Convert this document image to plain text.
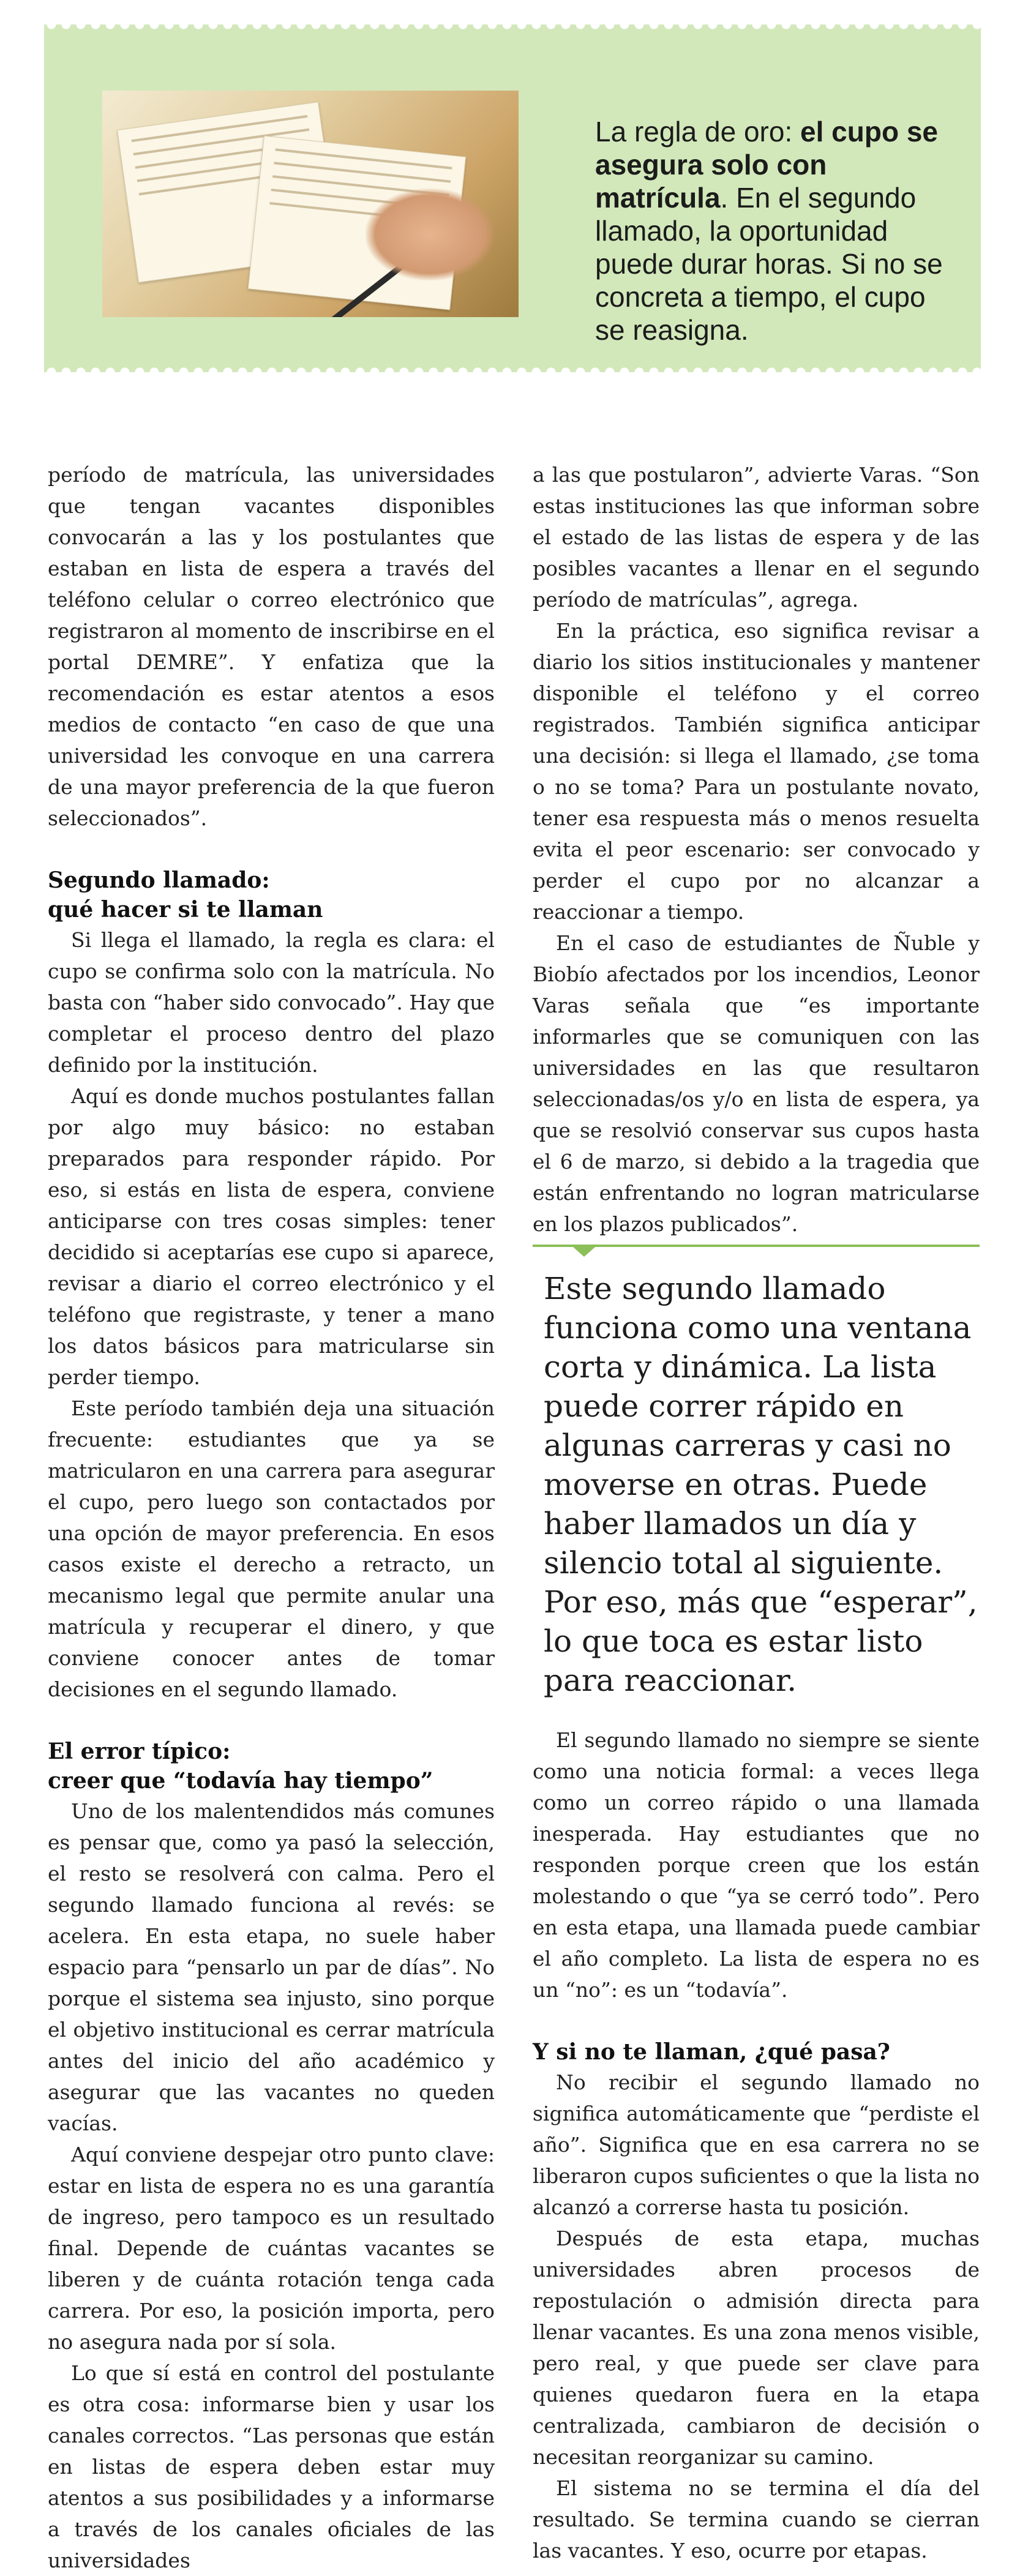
La regla de oro: el cupo se asegura solo con matrícula. En el segundo llamado, la oportunidad puede durar horas. Si no se concreta a tiempo, el cupo se reasigna.

período de matrícula, las universidades que tengan vacantes disponibles convocarán a las y los postulantes que estaban en lista de espera a través del teléfono celular o correo electrónico que registraron al momento de inscribirse en el portal DEMRE”. Y enfatiza que la recomendación es estar atentos a esos medios de contacto “en caso de que una universidad les convoque en una carrera de una mayor preferencia de la que fueron seleccionados”.

Segundo llamado:
qué hacer si te llaman

Si llega el llamado, la regla es clara: el cupo se confirma solo con la matrícula. No basta con “haber sido convocado”. Hay que completar el proceso dentro del plazo definido por la institución.

Aquí es donde muchos postulantes fallan por algo muy básico: no estaban preparados para responder rápido. Por eso, si estás en lista de espera, conviene anticiparse con tres cosas simples: tener decidido si aceptarías ese cupo si aparece, revisar a diario el correo electrónico y el teléfono que registraste, y tener a mano los datos básicos para matricularse sin perder tiempo.

Este período también deja una situación frecuente: estudiantes que ya se matricularon en una carrera para asegurar el cupo, pero luego son contactados por una opción de mayor preferencia. En esos casos existe el derecho a retracto, un mecanismo legal que permite anular una matrícula y recuperar el dinero, y que conviene conocer antes de tomar decisiones en el segundo llamado.

El error típico:
creer que “todavía hay tiempo”

Uno de los malentendidos más comunes es pensar que, como ya pasó la selección, el resto se resolverá con calma. Pero el segundo llamado funciona al revés: se acelera. En esta etapa, no suele haber espacio para “pensarlo un par de días”. No porque el sistema sea injusto, sino porque el objetivo institucional es cerrar matrícula antes del inicio del año académico y asegurar que las vacantes no queden vacías.

Aquí conviene despejar otro punto clave: estar en lista de espera no es una garantía de ingreso, pero tampoco es un resultado final. Depende de cuántas vacantes se liberen y de cuánta rotación tenga cada carrera. Por eso, la posición importa, pero no asegura nada por sí sola.

Lo que sí está en control del postulante es otra cosa: informarse bien y usar los canales correctos. “Las personas que están en listas de espera deben estar muy atentos a sus posibilidades y a informarse a través de los canales oficiales de las universidades

a las que postularon”, advierte Varas. “Son estas instituciones las que informan sobre el estado de las listas de espera y de las posibles vacantes a llenar en el segundo período de matrículas”, agrega.

En la práctica, eso significa revisar a diario los sitios institucionales y mantener disponible el teléfono y el correo registrados. También significa anticipar una decisión: si llega el llamado, ¿se toma o no se toma? Para un postulante novato, tener esa respuesta más o menos resuelta evita el peor escenario: ser convocado y perder el cupo por no alcanzar a reaccionar a tiempo.

En el caso de estudiantes de Ñuble y Biobío afectados por los incendios, Leonor Varas señala que “es importante informarles que se comuniquen con las universidades en las que resultaron seleccionadas/os y/o en lista de espera, ya que se resolvió conservar sus cupos hasta el 6 de marzo, si debido a la tragedia que están enfrentando no logran matricularse en los plazos publicados”.

Este segundo llamado funciona como una ventana corta y dinámica. La lista puede correr rápido en algunas carreras y casi no moverse en otras. Puede haber llamados un día y silencio total al siguiente. Por eso, más que “esperar”, lo que toca es estar listo para reaccionar.

El segundo llamado no siempre se siente como una noticia formal: a veces llega como un correo rápido o una llamada inesperada. Hay estudiantes que no responden porque creen que los están molestando o que “ya se cerró todo”. Pero en esta etapa, una llamada puede cambiar el año completo. La lista de espera no es un “no”: es un “todavía”.

Y si no te llaman, ¿qué pasa?

No recibir el segundo llamado no significa automáticamente que “perdiste el año”. Significa que en esa carrera no se liberaron cupos suficientes o que la lista no alcanzó a correrse hasta tu posición.

Después de esta etapa, muchas universidades abren procesos de repostulación o admisión directa para llenar vacantes. Es una zona menos visible, pero real, y que puede ser clave para quienes quedaron fuera en la etapa centralizada, cambiaron de decisión o necesitan reorganizar su camino.

El sistema no se termina el día del resultado. Se termina cuando se cierran las vacantes. Y eso, ocurre por etapas.
